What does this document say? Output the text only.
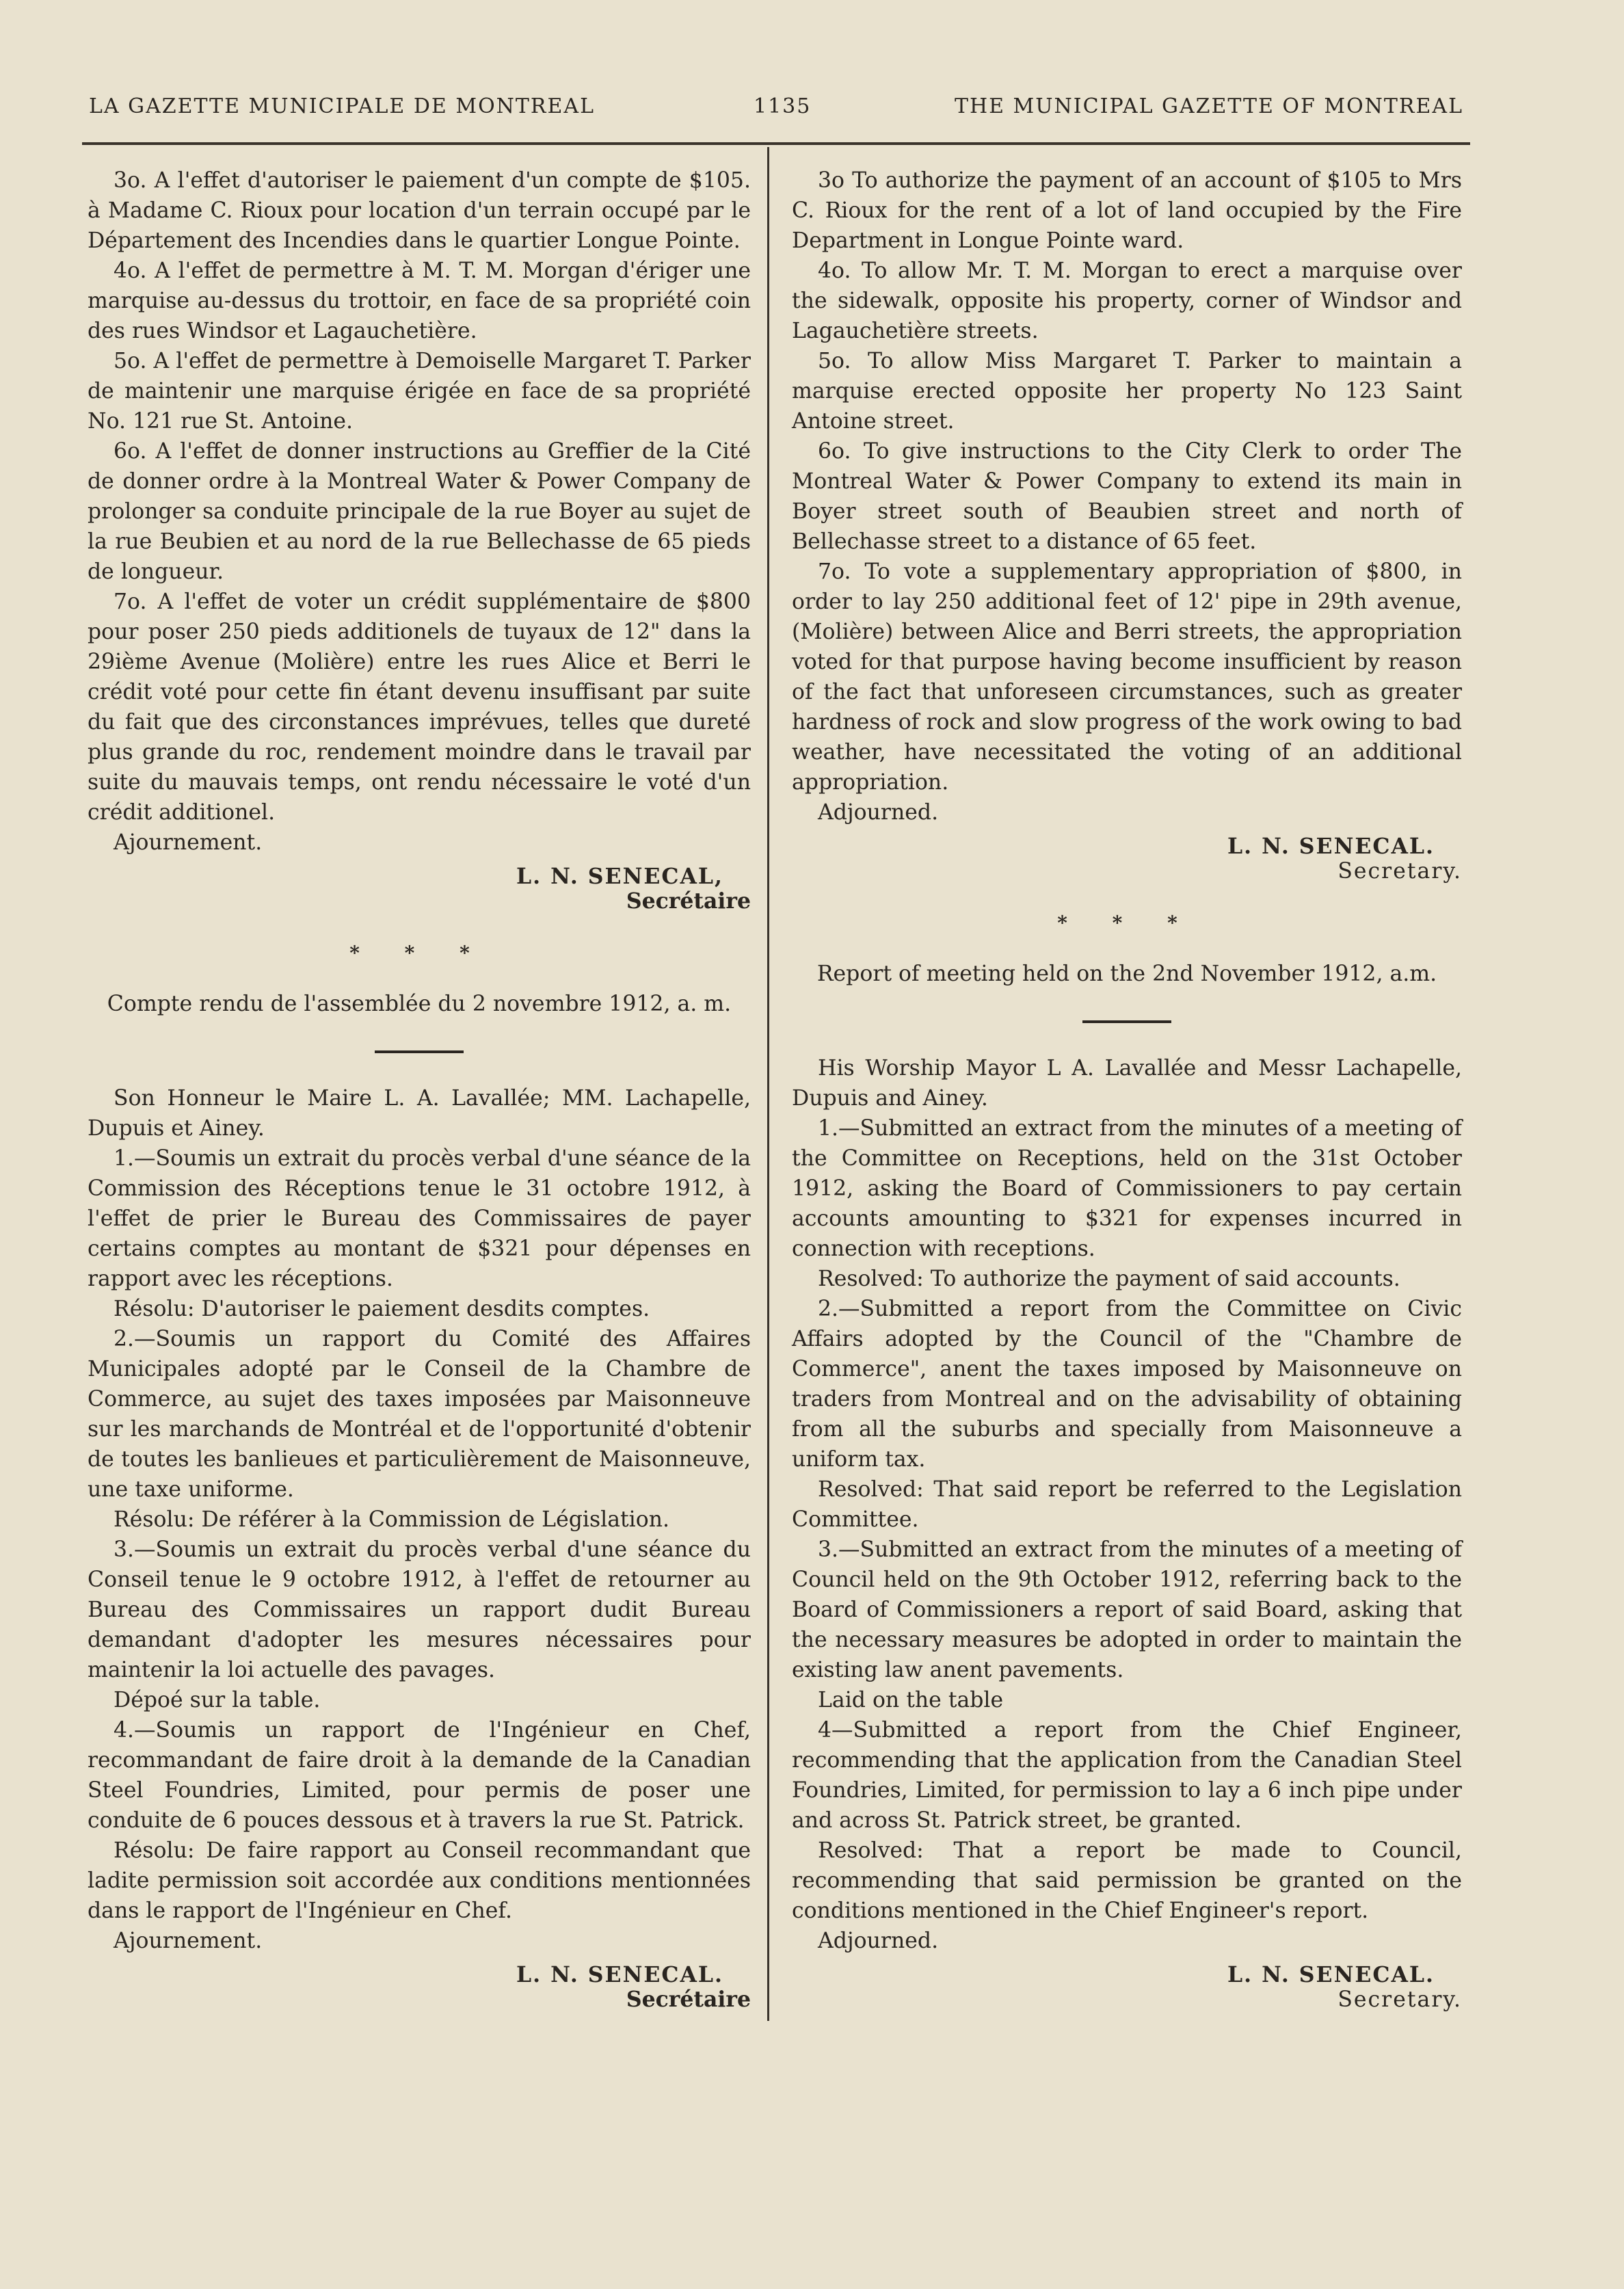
LA GAZETTE MUNICIPALE DE MONTREAL	1135	THE MUNICIPAL GAZETTE OF MONTREAL

3o. A l'effet d'autoriser le paiement d'un compte de $105. à Madame C. Rioux pour location d'un terrain occupé par le Département des Incendies dans le quartier Longue Pointe.

4o. A l'effet de permettre à M. T. M. Morgan d'ériger une marquise au-dessus du trottoir, en face de sa propriété coin des rues Windsor et Lagauchetière.

5o. A l'effet de permettre à Demoiselle Margaret T. Parker de maintenir une marquise érigée en face de sa propriété No. 121 rue St. Antoine.

6o. A l'effet de donner instructions au Greffier de la Cité de donner ordre à la Montreal Water & Power Company de prolonger sa conduite principale de la rue Boyer au sujet de la rue Beubien et au nord de la rue Bellechasse de 65 pieds de longueur.

7o. A l'effet de voter un crédit supplémentaire de $800 pour poser 250 pieds additionels de tuyaux de 12" dans la 29ième Avenue (Molière) entre les rues Alice et Berri le crédit voté pour cette fin étant devenu insuffisant par suite du fait que des circonstances imprévues, telles que dureté plus grande du roc, rendement moindre dans le travail par suite du mauvais temps, ont rendu nécessaire le voté d'un crédit additionel.

Ajournement.

L. N. SENECAL,
Secrétaire
* * *

Compte rendu de l'assemblée du 2 novembre 1912, a. m.

Son Honneur le Maire L. A. Lavallée; MM. Lachapelle, Dupuis et Ainey.

1.—Soumis un extrait du procès verbal d'une séance de la Commission des Réceptions tenue le 31 octobre 1912, à l'effet de prier le Bureau des Commissaires de payer certains comptes au montant de $321 pour dépenses en rapport avec les réceptions.

Résolu: D'autoriser le paiement desdits comptes.

2.—Soumis un rapport du Comité des Affaires Municipales adopté par le Conseil de la Chambre de Commerce, au sujet des taxes imposées par Maisonneuve sur les marchands de Montréal et de l'opportunité d'obtenir de toutes les banlieues et particulièrement de Maisonneuve, une taxe uniforme.

Résolu: De référer à la Commission de Législation.

3.—Soumis un extrait du procès verbal d'une séance du Conseil tenue le 9 octobre 1912, à l'effet de retourner au Bureau des Commissaires un rapport dudit Bureau demandant d'adopter les mesures nécessaires pour maintenir la loi actuelle des pavages.

Dépoé sur la table.

4.—Soumis un rapport de l'Ingénieur en Chef, recommandant de faire droit à la demande de la Canadian Steel Foundries, Limited, pour permis de poser une conduite de 6 pouces dessous et à travers la rue St. Patrick.

Résolu: De faire rapport au Conseil recommandant que ladite permission soit accordée aux conditions mentionnées dans le rapport de l'Ingénieur en Chef.

Ajournement.

L. N. SENECAL.
Secrétaire

3o To authorize the payment of an account of $105 to Mrs C. Rioux for the rent of a lot of land occupied by the Fire Department in Longue Pointe ward.

4o. To allow Mr. T. M. Morgan to erect a marquise over the sidewalk, opposite his property, corner of Windsor and Lagauchetière streets.

5o. To allow Miss Margaret T. Parker to maintain a marquise erected opposite her property No 123 Saint Antoine street.

6o. To give instructions to the City Clerk to order The Montreal Water & Power Company to extend its main in Boyer street south of Beaubien street and north of Bellechasse street to a distance of 65 feet.

7o. To vote a supplementary appropriation of $800, in order to lay 250 additional feet of 12' pipe in 29th avenue, (Molière) between Alice and Berri streets, the appropriation voted for that purpose having become insufficient by reason of the fact that unforeseen circumstances, such as greater hardness of rock and slow progress of the work owing to bad weather, have necessitated the voting of an additional appropriation.

Adjourned.

L. N. SENECAL.
Secretary.
* * *

Report of meeting held on the 2nd November 1912, a.m.

His Worship Mayor L A. Lavallée and Messr Lachapelle, Dupuis and Ainey.

1.—Submitted an extract from the minutes of a meeting of the Committee on Receptions, held on the 31st October 1912, asking the Board of Commissioners to pay certain accounts amounting to $321 for expenses incurred in connection with receptions.

Resolved: To authorize the payment of said accounts.

2.—Submitted a report from the Committee on Civic Affairs adopted by the Council of the "Chambre de Commerce", anent the taxes imposed by Maisonneuve on traders from Montreal and on the advisability of obtaining from all the suburbs and specially from Maisonneuve a uniform tax.

Resolved: That said report be referred to the Legislation Committee.

3.—Submitted an extract from the minutes of a meeting of Council held on the 9th October 1912, referring back to the Board of Commissioners a report of said Board, asking that the necessary measures be adopted in order to maintain the existing law anent pavements.

Laid on the table

4—Submitted a report from the Chief Engineer, recommending that the application from the Canadian Steel Foundries, Limited, for permission to lay a 6 inch pipe under and across St. Patrick street, be granted.

Resolved: That a report be made to Council, recommending that said permission be granted on the conditions mentioned in the Chief Engineer's report.

Adjourned.

L. N. SENECAL.
Secretary.
